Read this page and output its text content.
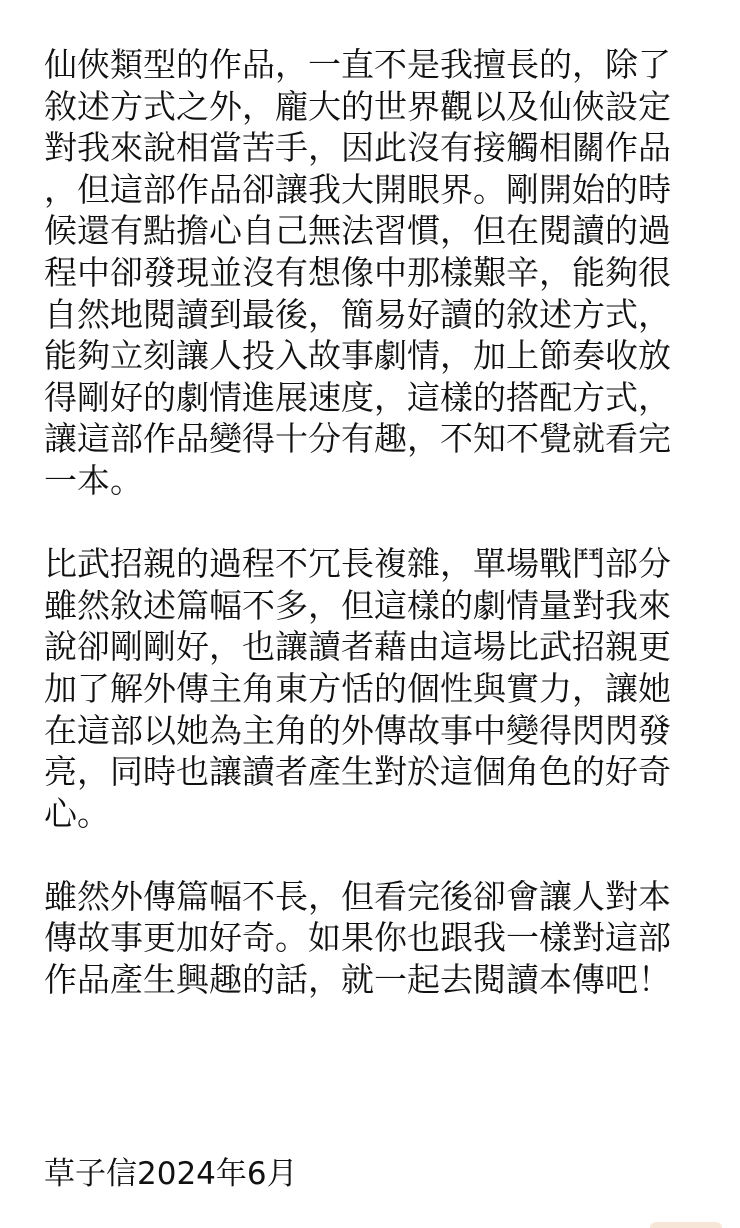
仙俠類型的作品，一直不是我擅長的，除了
敘述方式之外，龐大的世界觀以及仙俠設定
對我來說相當苦手，因此沒有接觸相關作品
，但這部作品卻讓我大開眼界。剛開始的時
候還有點擔心自己無法習慣，但在閱讀的過
程中卻發現並沒有想像中那樣艱辛，能夠很
自然地閱讀到最後，簡易好讀的敘述方式，
能夠立刻讓人投入故事劇情，加上節奏收放
得剛好的劇情進展速度，這樣的搭配方式，
讓這部作品變得十分有趣，不知不覺就看完
一本。
比武招親的過程不冗長複雜，單場戰鬥部分
雖然敘述篇幅不多，但這樣的劇情量對我來
說卻剛剛好，也讓讀者藉由這場比武招親更
加了解外傳主角東方恬的個性與實力，讓她
在這部以她為主角的外傳故事中變得閃閃發
亮，同時也讓讀者產生對於這個角色的好奇
心。
雖然外傳篇幅不長，但看完後卻會讓人對本
傳故事更加好奇。如果你也跟我一樣對這部
作品產生興趣的話，就一起去閱讀本傳吧！
草子信2024年6月
